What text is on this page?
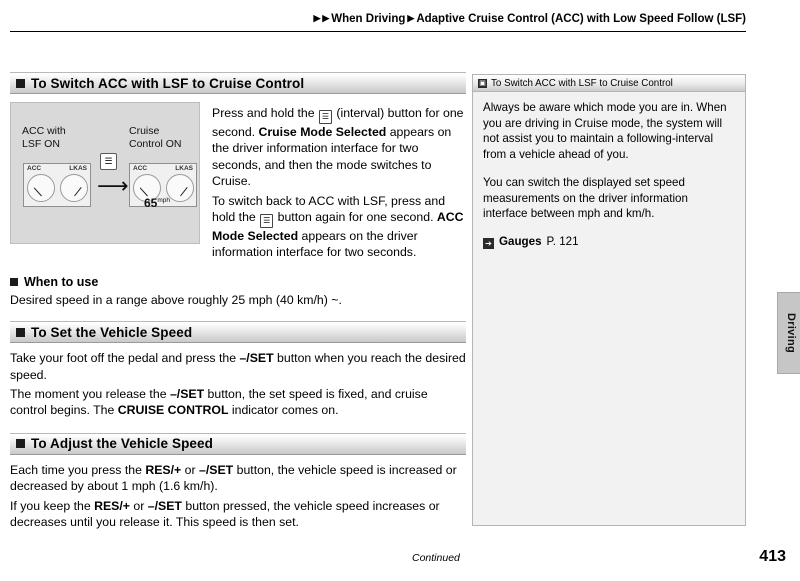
▶ ▶ When Driving ▶ Adaptive Cruise Control (ACC) with Low Speed Follow (LSF)
To Switch ACC with LSF to Cruise Control
ACC with
LSF ON
Cruise
Control ON
ACC	LKAS
⟶
☰
ACC	LKAS
$65^{mph}$

Press and hold the ☰ (interval) button for one second. Cruise Mode Selected appears on the driver information interface for two seconds, and then the mode switches to Cruise.

To switch back to ACC with LSF, press and hold the ☰ button again for one second. ACC Mode Selected appears on the driver information interface for two seconds.

When to use

Desired speed in a range above roughly 25 mph (40 km/h) ~.

To Set the Vehicle Speed

Take your foot off the pedal and press the –/SET button when you reach the desired speed.

The moment you release the –/SET button, the set speed is fixed, and cruise control begins. The CRUISE CONTROL indicator comes on.

To Adjust the Vehicle Speed

Each time you press the RES/+ or –/SET button, the vehicle speed is increased or decreased by about 1 mph (1.6 km/h).

If you keep the RES/+ or –/SET button pressed, the vehicle speed increases or decreases until you release it. This speed is then set.

▣ To Switch ACC with LSF to Cruise Control

Always be aware which mode you are in. When you are driving in Cruise mode, the system will not assist you to maintain a following-interval from a vehicle ahead of you.

You can switch the displayed set speed measurements on the driver information interface between mph and km/h.

➔ Gauges P. 121
Driving
Continued	413
